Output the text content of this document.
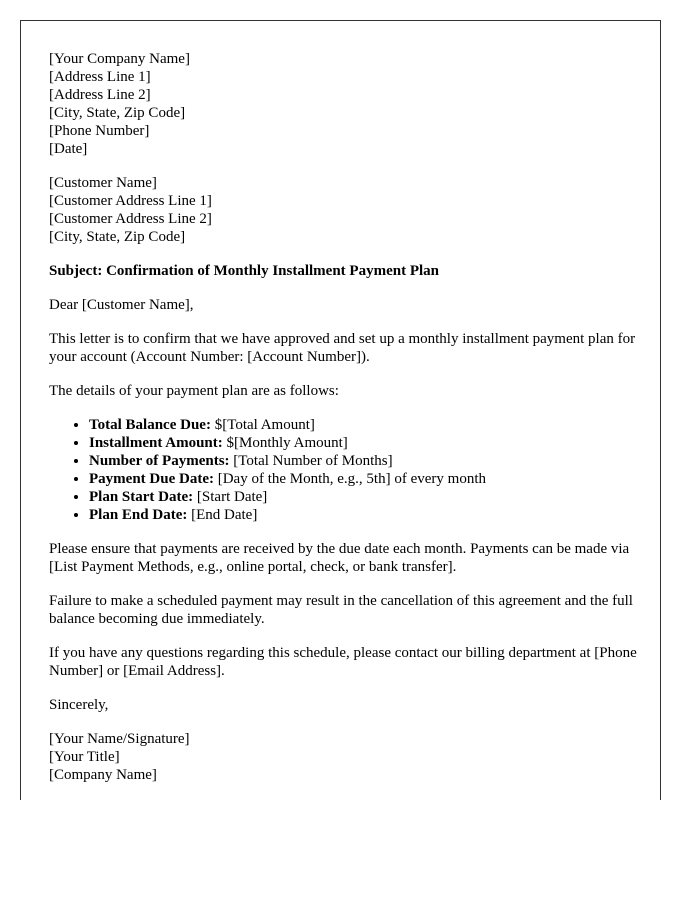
[Your Company Name]
[Address Line 1]
[Address Line 2]
[City, State, Zip Code]
[Phone Number]
[Date]
[Customer Name]
[Customer Address Line 1]
[Customer Address Line 2]
[City, State, Zip Code]

Subject: Confirmation of Monthly Installment Payment Plan

Dear [Customer Name],

This letter is to confirm that we have approved and set up a monthly installment payment plan for your account (Account Number: [Account Number]).

The details of your payment plan are as follows:

• Total Balance Due: $[Total Amount]
• Installment Amount: $[Monthly Amount]
• Number of Payments: [Total Number of Months]
• Payment Due Date: [Day of the Month, e.g., 5th] of every month
• Plan Start Date: [Start Date]
• Plan End Date: [End Date]

Please ensure that payments are received by the due date each month. Payments can be made via [List Payment Methods, e.g., online portal, check, or bank transfer].

Failure to make a scheduled payment may result in the cancellation of this agreement and the full balance becoming due immediately.

If you have any questions regarding this schedule, please contact our billing department at [Phone Number] or [Email Address].

Sincerely,

[Your Name/Signature]
[Your Title]
[Company Name]
